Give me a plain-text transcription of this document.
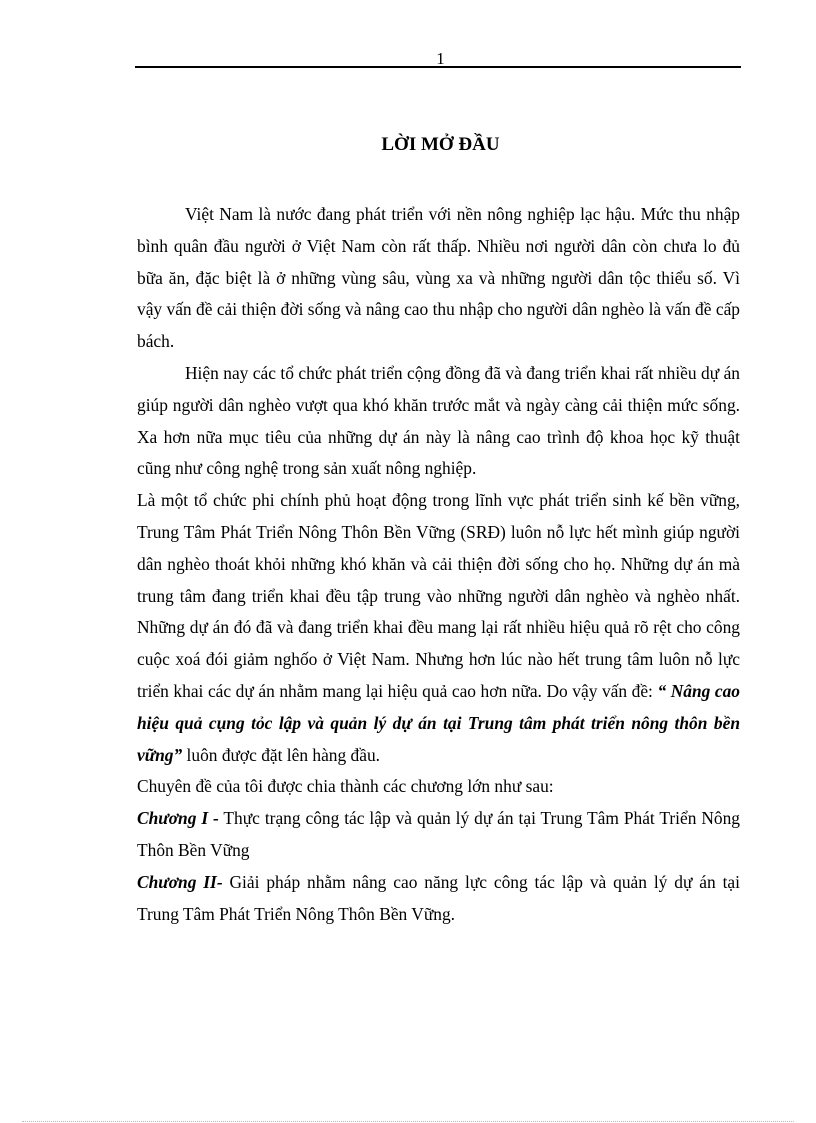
1
LỜI MỞ ĐẦU

Việt Nam là nước đang phát triển với nền nông nghiệp lạc hậu. Mức thu nhập bình quân đầu người ở Việt Nam còn rất thấp. Nhiều nơi người dân còn chưa lo đủ bữa ăn, đặc biệt là ở những vùng sâu, vùng xa và những người dân tộc thiểu số. Vì vậy vấn đề cải thiện đời sống và nâng cao thu nhập cho người dân nghèo là vấn đề cấp bách.

Hiện nay các tổ chức phát triển cộng đồng đã và đang triển khai rất nhiều dự án giúp người dân nghèo vượt qua khó khăn trước mắt và ngày càng cải thiện mức sống. Xa hơn nữa mục tiêu của những dự án này là nâng cao trình độ khoa học kỹ thuật cũng như công nghệ trong sản xuất nông nghiệp.

Là một tổ chức phi chính phủ hoạt động trong lĩnh vực phát triển sinh kế bền vững, Trung Tâm Phát Triển Nông Thôn Bền Vững (SRĐ) luôn nỗ lực hết mình giúp người dân nghèo thoát khỏi những khó khăn và cải thiện đời sống cho họ. Những dự án mà trung tâm đang triển khai đều tập trung vào những người dân nghèo và nghèo nhất. Những dự án đó đã và đang triển khai đều mang lại rất nhiều hiệu quả rõ rệt cho công cuộc xoá đói giảm nghốo ở Việt Nam. Nhưng hơn lúc nào hết trung tâm luôn nỗ lực triển khai các dự án nhằm mang lại hiệu quả cao hơn nữa. Do vậy vấn đề: “ Nâng cao hiệu quả cụng tỏc lập và quản lý dự án tại Trung tâm phát triển nông thôn bền vững” luôn được đặt lên hàng đầu.

Chuyên đề của tôi được chia thành các chương lớn như sau:

Chương I - Thực trạng công tác lập và quản lý dự án tại Trung Tâm Phát Triển Nông Thôn Bền Vững

Chương II- Giải pháp nhằm nâng cao năng lực công tác lập và quản lý dự án tại Trung Tâm Phát Triển Nông Thôn Bền Vững.
